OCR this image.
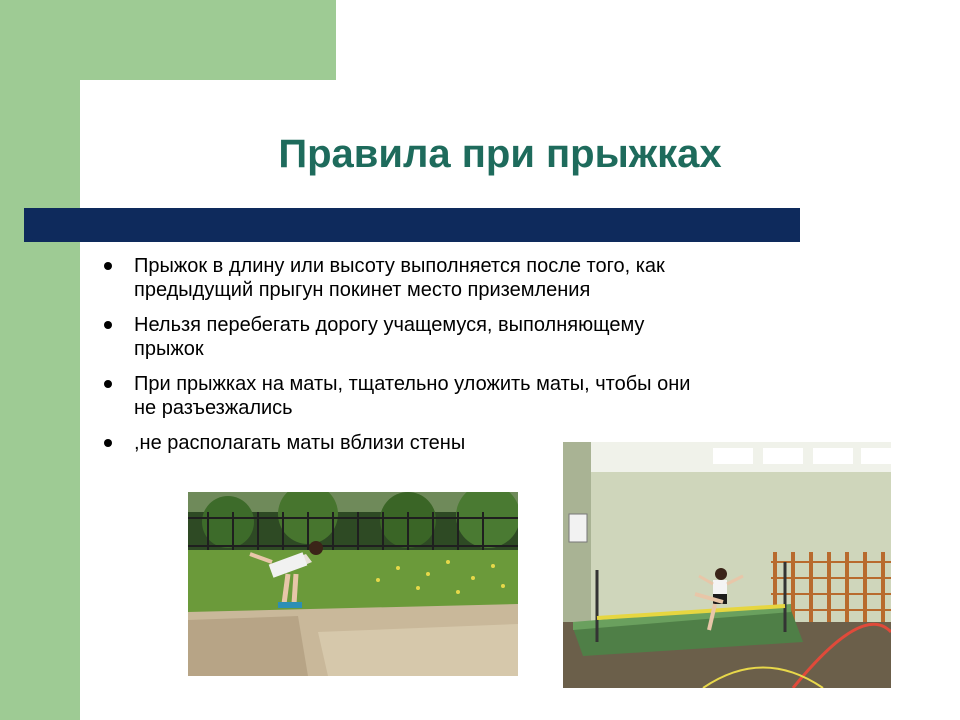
Правила при прыжках
Прыжок в длину или высоту выполняется после того, как предыдущий прыгун покинет место приземления
Нельзя перебегать дорогу учащемуся, выполняющему прыжок
При прыжках на маты, тщательно уложить маты, чтобы они не разъезжались
,не располагать маты вблизи стены
